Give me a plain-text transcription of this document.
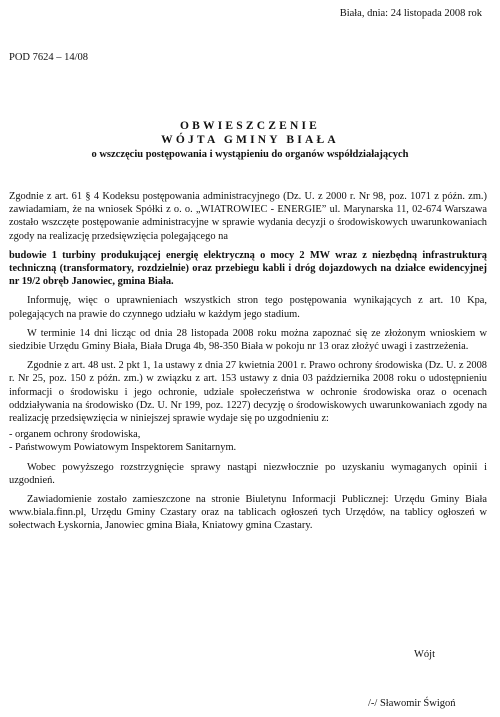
Biała, dnia: 24 listopada 2008 rok
POD 7624 – 14/08
OBWIESZCZENIE
WÓJTA GMINY BIAŁA
o wszczęciu postępowania i wystąpieniu do organów współdziałających

Zgodnie z art. 61 § 4 Kodeksu postępowania administracyjnego (Dz. U. z 2000 r. Nr 98, poz. 1071 z późn. zm.) zawiadamiam, że na wniosek Spółki z o. o. „WIATROWIEC - ENERGIE” ul. Marynarska 11, 02-674 Warszawa zostało wszczęte postępowanie administracyjne w sprawie wydania decyzji o środowiskowych uwarunkowaniach zgody na realizację przedsięwzięcia polegającego na

budowie 1 turbiny produkującej energię elektryczną o mocy 2 MW wraz z niezbędną infrastrukturą techniczną (transformatory, rozdzielnie) oraz przebiegu kabli i dróg dojazdowych na działce ewidencyjnej nr 19/2 obręb Janowiec, gmina Biała.

Informuję, więc o uprawnieniach wszystkich stron tego postępowania wynikających z art. 10 Kpa, polegających na prawie do czynnego udziału w każdym jego stadium.

W terminie 14 dni licząc od dnia 28 listopada 2008 roku można zapoznać się ze złożonym wnioskiem w siedzibie Urzędu Gminy Biała, Biała Druga 4b, 98-350 Biała w pokoju nr 13 oraz złożyć uwagi i zastrzeżenia.

Zgodnie z art. 48 ust. 2 pkt 1, 1a ustawy z dnia 27 kwietnia 2001 r. Prawo ochrony środowiska (Dz. U. z 2008 r. Nr 25, poz. 150 z późn. zm.) w związku z art. 153 ustawy z dnia 03 października 2008 roku o udostępnieniu informacji o środowisku i jego ochronie, udziale społeczeństwa w ochronie środowiska oraz o ocenach oddziaływania na środowisko (Dz. U. Nr 199, poz. 1227) decyzję o środowiskowych uwarunkowaniach zgody na realizację przedsięwzięcia w niniejszej sprawie wydaje się po uzgodnieniu z:

- organem ochrony środowiska,
- Państwowym Powiatowym Inspektorem Sanitarnym.

Wobec powyższego rozstrzygnięcie sprawy nastąpi niezwłocznie po uzyskaniu wymaganych opinii i uzgodnień.

Zawiadomienie zostało zamieszczone na stronie Biuletynu Informacji Publicznej: Urzędu Gminy Biała www.biala.finn.pl, Urzędu Gminy Czastary oraz na tablicach ogłoszeń tych Urzędów, na tablicy ogłoszeń w sołectwach Łyskornia, Janowiec gmina Biała, Kniatowy gmina Czastary.

Wójt
/-/ Sławomir Świgoń
